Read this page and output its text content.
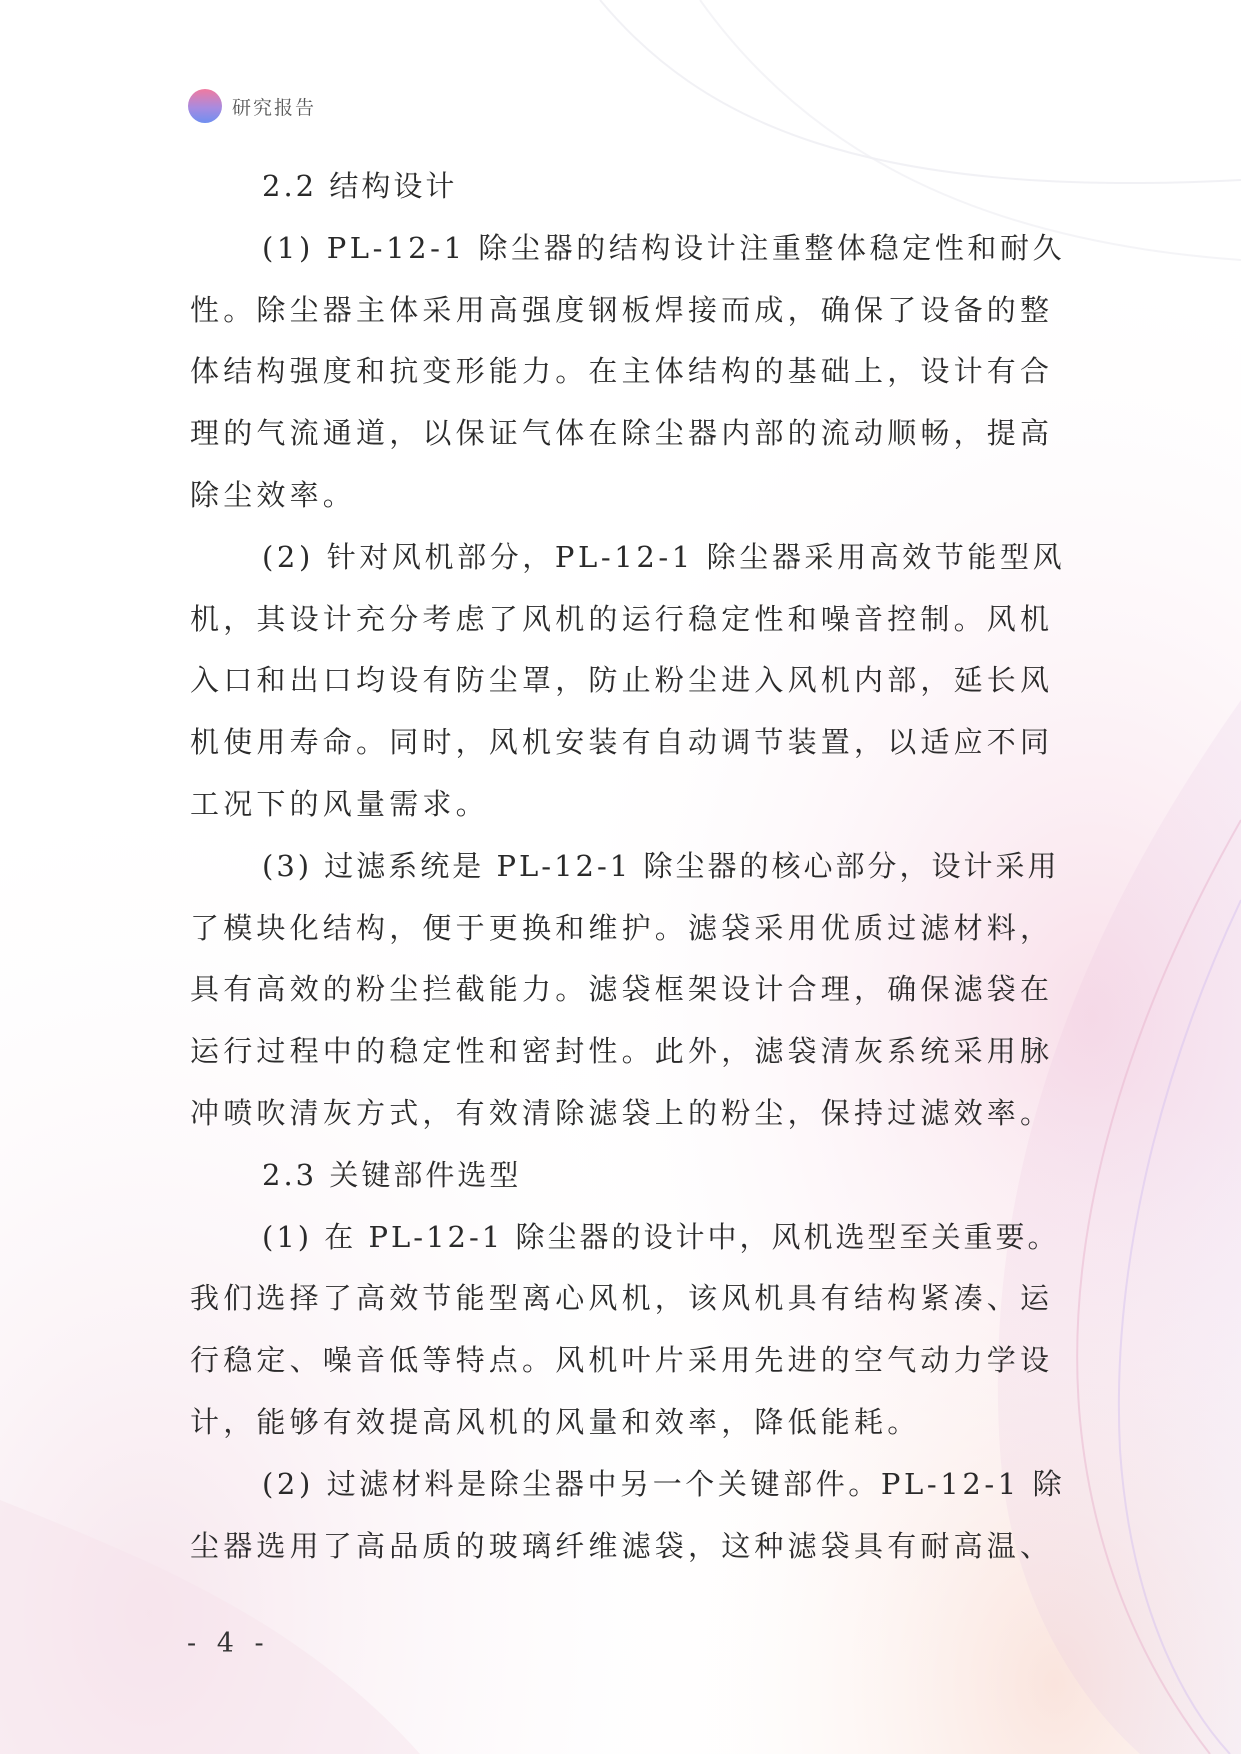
研究报告
2.2 结构设计
(1) PL-12-1 除尘器的结构设计注重整体稳定性和耐久
性。除尘器主体采用高强度钢板焊接而成，确保了设备的整
体结构强度和抗变形能力。在主体结构的基础上，设计有合
理的气流通道，以保证气体在除尘器内部的流动顺畅，提高
除尘效率。
(2) 针对风机部分，PL-12-1 除尘器采用高效节能型风
机，其设计充分考虑了风机的运行稳定性和噪音控制。风机
入口和出口均设有防尘罩，防止粉尘进入风机内部，延长风
机使用寿命。同时，风机安装有自动调节装置，以适应不同
工况下的风量需求。
(3) 过滤系统是 PL-12-1 除尘器的核心部分，设计采用
了模块化结构，便于更换和维护。滤袋采用优质过滤材料，
具有高效的粉尘拦截能力。滤袋框架设计合理，确保滤袋在
运行过程中的稳定性和密封性。此外，滤袋清灰系统采用脉
冲喷吹清灰方式，有效清除滤袋上的粉尘，保持过滤效率。
2.3 关键部件选型
(1) 在 PL-12-1 除尘器的设计中，风机选型至关重要。
我们选择了高效节能型离心风机，该风机具有结构紧凑、运
行稳定、噪音低等特点。风机叶片采用先进的空气动力学设
计，能够有效提高风机的风量和效率，降低能耗。
(2) 过滤材料是除尘器中另一个关键部件。PL-12-1 除
尘器选用了高品质的玻璃纤维滤袋，这种滤袋具有耐高温、
- 4 -
